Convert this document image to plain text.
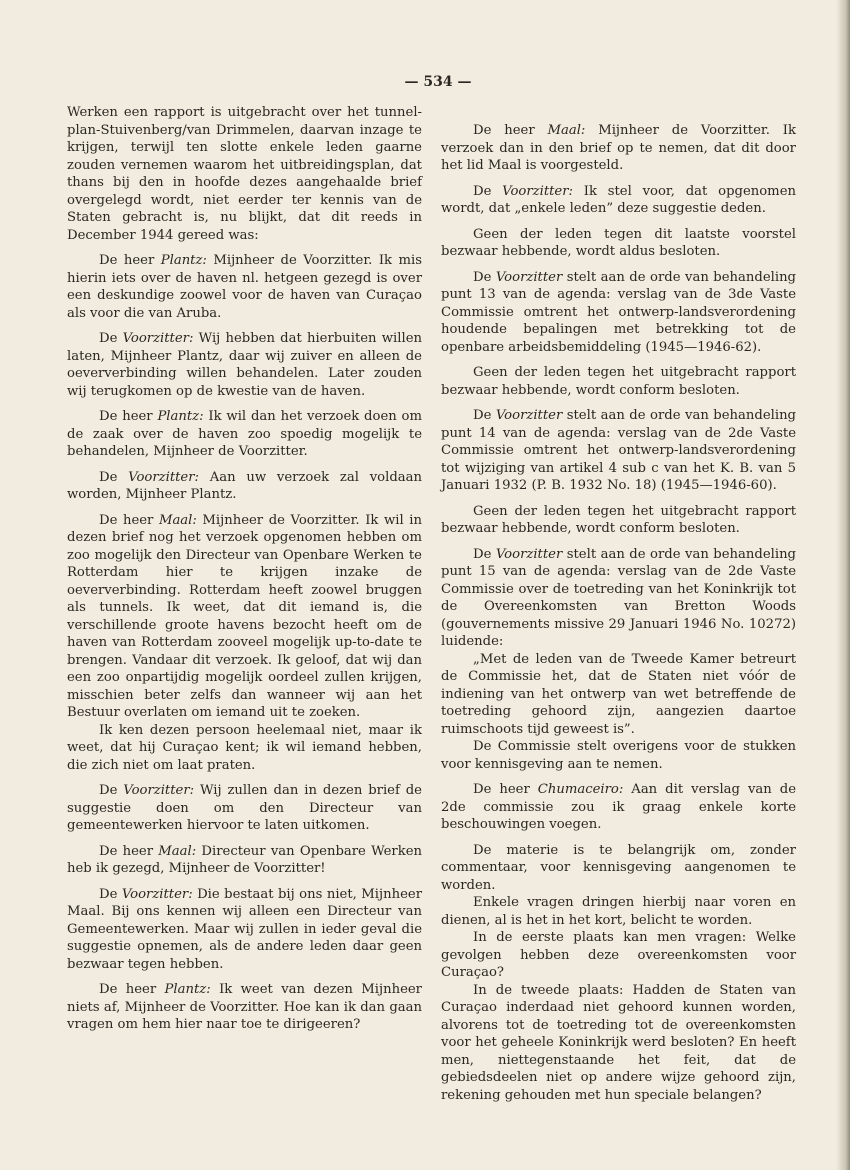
— 534 —

Werken een rapport is uitgebracht over het tunnel-plan-Stuivenberg/van Drimmelen, daarvan inzage te krijgen, terwijl ten slotte enkele leden gaarne zouden vernemen waarom het uitbreidingsplan, dat thans bij den in hoofde dezes aangehaalde brief overgelegd wordt, niet eerder ter kennis van de Staten gebracht is, nu blijkt, dat dit reeds in December 1944 gereed was:

De heer Plantz: Mijnheer de Voorzitter. Ik mis hierin iets over de haven nl. hetgeen gezegd is over een deskundige zoowel voor de haven van Curaçao als voor die van Aruba.

De Voorzitter: Wij hebben dat hierbuiten willen laten, Mijnheer Plantz, daar wij zuiver en alleen de oeververbinding willen behandelen. Later zouden wij terugkomen op de kwestie van de haven.

De heer Plantz: Ik wil dan het verzoek doen om de zaak over de haven zoo spoedig mogelijk te behandelen, Mijnheer de Voorzitter.

De Voorzitter: Aan uw verzoek zal voldaan worden, Mijnheer Plantz.

De heer Maal: Mijnheer de Voorzitter. Ik wil in dezen brief nog het verzoek opgenomen hebben om zoo mogelijk den Directeur van Openbare Werken te Rotterdam hier te krijgen inzake de oeververbinding. Rotterdam heeft zoowel bruggen als tunnels. Ik weet, dat dit iemand is, die verschillende groote havens bezocht heeft om de haven van Rotterdam zooveel mogelijk up-to-date te brengen. Vandaar dit verzoek. Ik geloof, dat wij dan een zoo onpartijdig mogelijk oordeel zullen krijgen, misschien beter zelfs dan wanneer wij aan het Bestuur overlaten om iemand uit te zoeken.

Ik ken dezen persoon heelemaal niet, maar ik weet, dat hij Curaçao kent; ik wil iemand hebben, die zich niet om laat praten.

De Voorzitter: Wij zullen dan in dezen brief de suggestie doen om den Directeur van gemeentewerken hiervoor te laten uitkomen.

De heer Maal: Directeur van Openbare Werken heb ik gezegd, Mijnheer de Voorzitter!

De Voorzitter: Die bestaat bij ons niet, Mijnheer Maal. Bij ons kennen wij alleen een Directeur van Gemeentewerken. Maar wij zullen in ieder geval die suggestie opnemen, als de andere leden daar geen bezwaar tegen hebben.

De heer Plantz: Ik weet van dezen Mijnheer niets af, Mijnheer de Voorzitter. Hoe kan ik dan gaan vragen om hem hier naar toe te dirigeeren?

De heer Maal: Mijnheer de Voorzitter. Ik verzoek dan in den brief op te nemen, dat dit door het lid Maal is voorgesteld.

De Voorzitter: Ik stel voor, dat opgenomen wordt, dat „enkele leden” deze suggestie deden.

Geen der leden tegen dit laatste voorstel bezwaar hebbende, wordt aldus besloten.

De Voorzitter stelt aan de orde van behandeling punt 13 van de agenda: verslag van de 3de Vaste Commissie omtrent het ontwerp-landsverordening houdende bepalingen met betrekking tot de openbare arbeidsbemiddeling (1945—1946-62).

Geen der leden tegen het uitgebracht rapport bezwaar hebbende, wordt conform besloten.

De Voorzitter stelt aan de orde van behandeling punt 14 van de agenda: verslag van de 2de Vaste Commissie omtrent het ontwerp-landsverordening tot wijziging van artikel 4 sub c van het K. B. van 5 Januari 1932 (P. B. 1932 No. 18) (1945—1946-60).

Geen der leden tegen het uitgebracht rapport bezwaar hebbende, wordt conform besloten.

De Voorzitter stelt aan de orde van behandeling punt 15 van de agenda: verslag van de 2de Vaste Commissie over de toetreding van het Koninkrijk tot de Overeenkomsten van Bretton Woods (gouvernements missive 29 Januari 1946 No. 10272) luidende:

„Met de leden van de Tweede Kamer betreurt de Commissie het, dat de Staten niet vóór de indiening van het ontwerp van wet betreffende de toetreding gehoord zijn, aangezien daartoe ruimschoots tijd geweest is”.

De Commissie stelt overigens voor de stukken voor kennisgeving aan te nemen.

De heer Chumaceiro: Aan dit verslag van de 2de commissie zou ik graag enkele korte beschouwingen voegen.

De materie is te belangrijk om, zonder commentaar, voor kennisgeving aangenomen te worden.

Enkele vragen dringen hierbij naar voren en dienen, al is het in het kort, belicht te worden.

In de eerste plaats kan men vragen: Welke gevolgen hebben deze overeenkomsten voor Curaçao?

In de tweede plaats: Hadden de Staten van Curaçao inderdaad niet gehoord kunnen worden, alvorens tot de toetreding tot de overeenkomsten voor het geheele Koninkrijk werd besloten? En heeft men, niettegenstaande het feit, dat de gebiedsdeelen niet op andere wijze gehoord zijn, rekening gehouden met hun speciale belangen?
